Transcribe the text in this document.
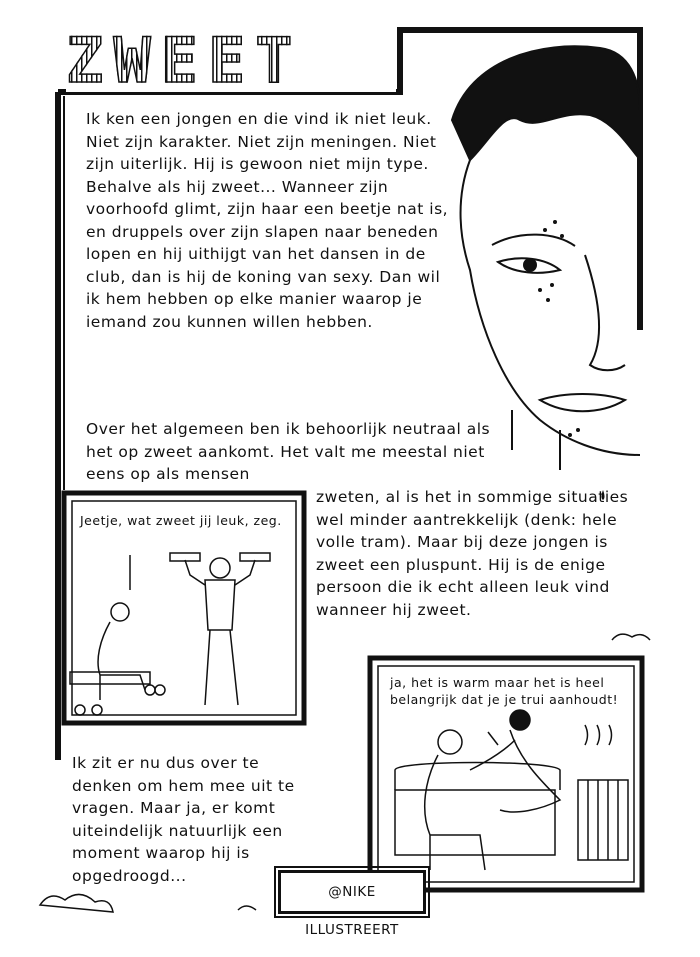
ZWEET

Ik ken een jongen en die vind ik niet leuk. Niet zijn karakter. Niet zijn meningen. Niet zijn uiterlijk. Hij is gewoon niet mijn type. Behalve als hij zweet... Wanneer zijn voorhoofd glimt, zijn haar een beetje nat is, en druppels over zijn slapen naar beneden lopen en hij uithijgt van het dansen in de club, dan is hij de koning van sexy. Dan wil ik hem hebben op elke manier waarop je iemand zou kunnen willen hebben.

Over het algemeen ben ik behoorlijk neutraal als het op zweet aankomt. Het valt me meestal niet eens op als mensen

zweten, al is het in sommige situaties wel minder aantrekkelijk (denk: hele volle tram). Maar bij deze jongen is zweet een pluspunt. Hij is de enige persoon die ik echt alleen leuk vind wanneer hij zweet.

Ik zit er nu dus over te denken om hem mee uit te vragen. Maar ja, er komt uiteindelijk natuurlijk een moment waarop hij is opgedroogd...

Jeetje, wat zweet jij leuk, zeg.
ja, het is warm maar het is heel belangrijk dat je je trui aanhoudt!
@NIKE ILLUSTREERT
